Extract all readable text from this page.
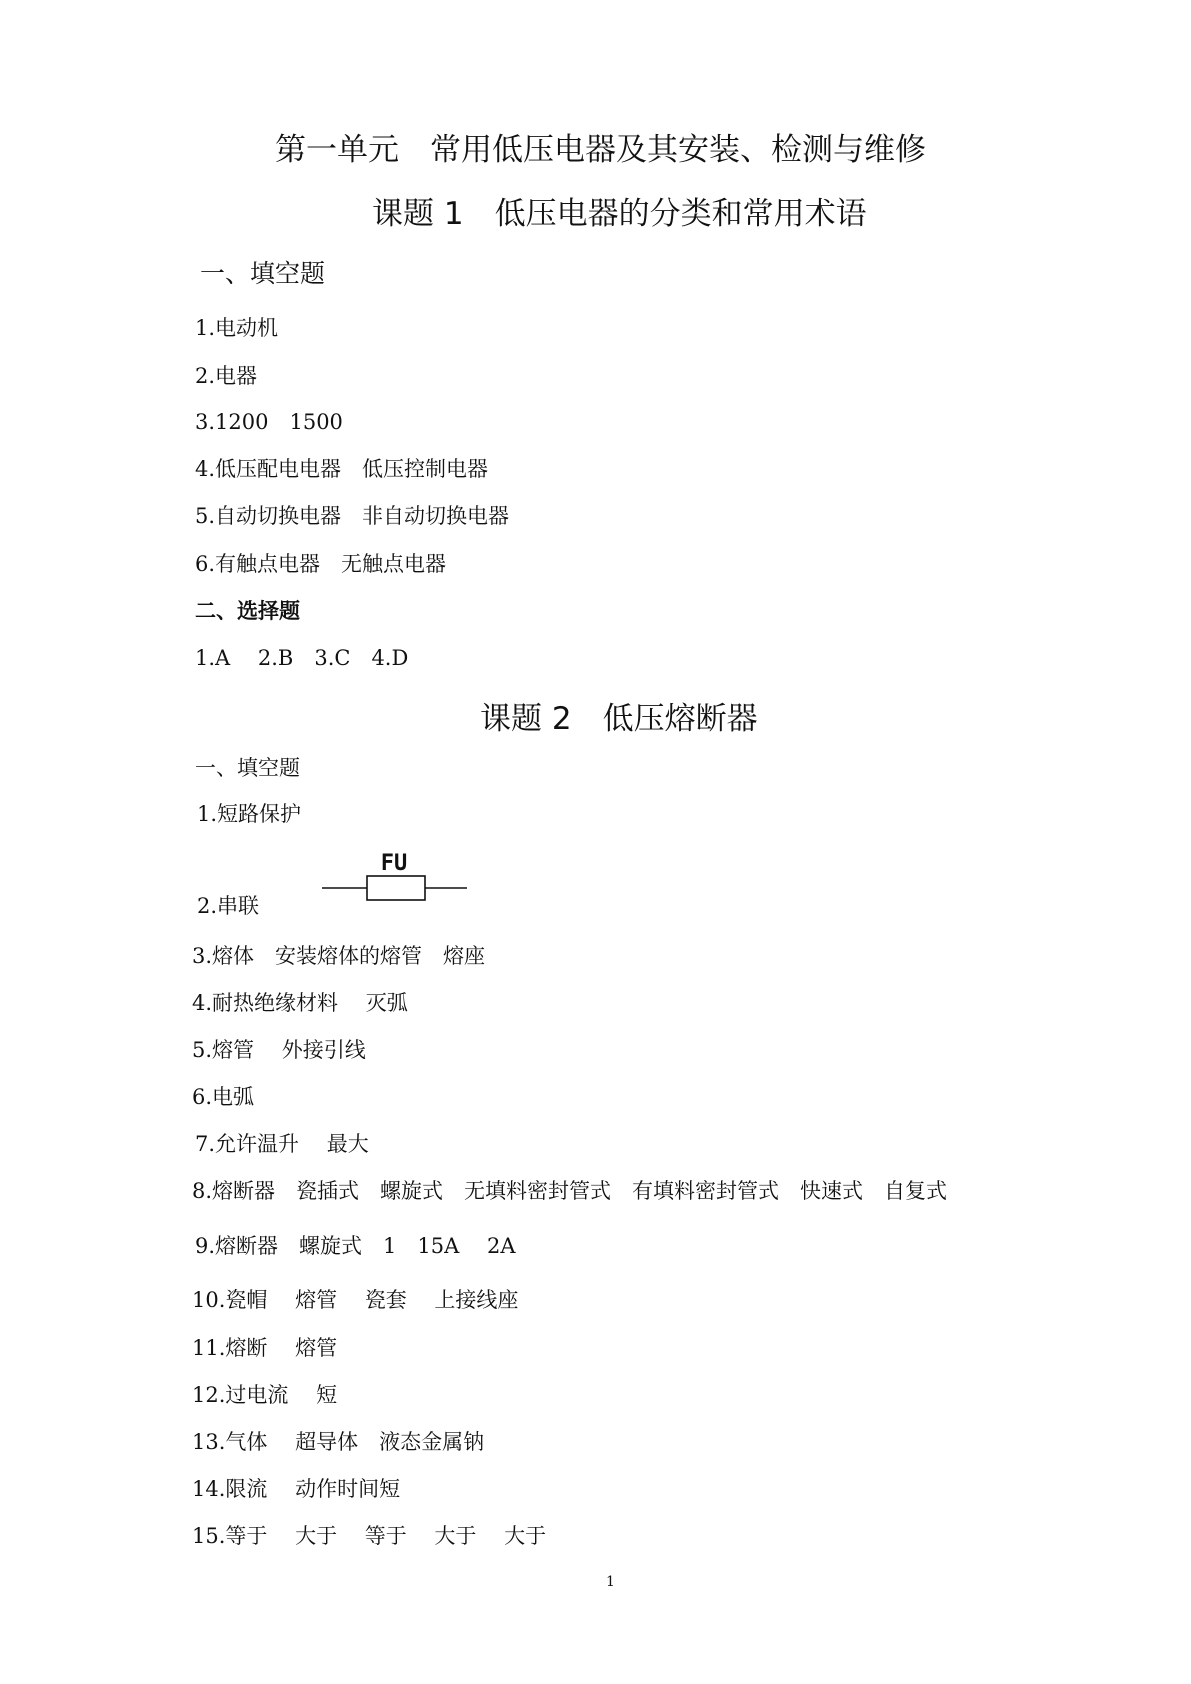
第一单元　常用低压电器及其安装、检测与维修
课题 1　低压电器的分类和常用术语
一、填空题
1.电动机
2.电器
3.1200　1500
4.低压配电电器　低压控制电器
5.自动切换电器　非自动切换电器
6.有触点电器　无触点电器
二、选择题
1.A　 2.B　3.C　4.D
课题 2　低压熔断器
一、填空题
1.短路保护
2.串联
FU
3.熔体　安装熔体的熔管　熔座
4.耐热绝缘材料　 灭弧
5.熔管　 外接引线
6.电弧
7.允许温升　 最大
8.熔断器　瓷插式　螺旋式　无填料密封管式　有填料密封管式　快速式　自复式
9.熔断器　螺旋式　1　15A　 2A
10.瓷帽　 熔管　 瓷套　 上接线座
11.熔断　 熔管
12.过电流　 短
13.气体　 超导体　液态金属钠
14.限流　 动作时间短
15.等于　 大于　 等于　 大于　 大于
1
